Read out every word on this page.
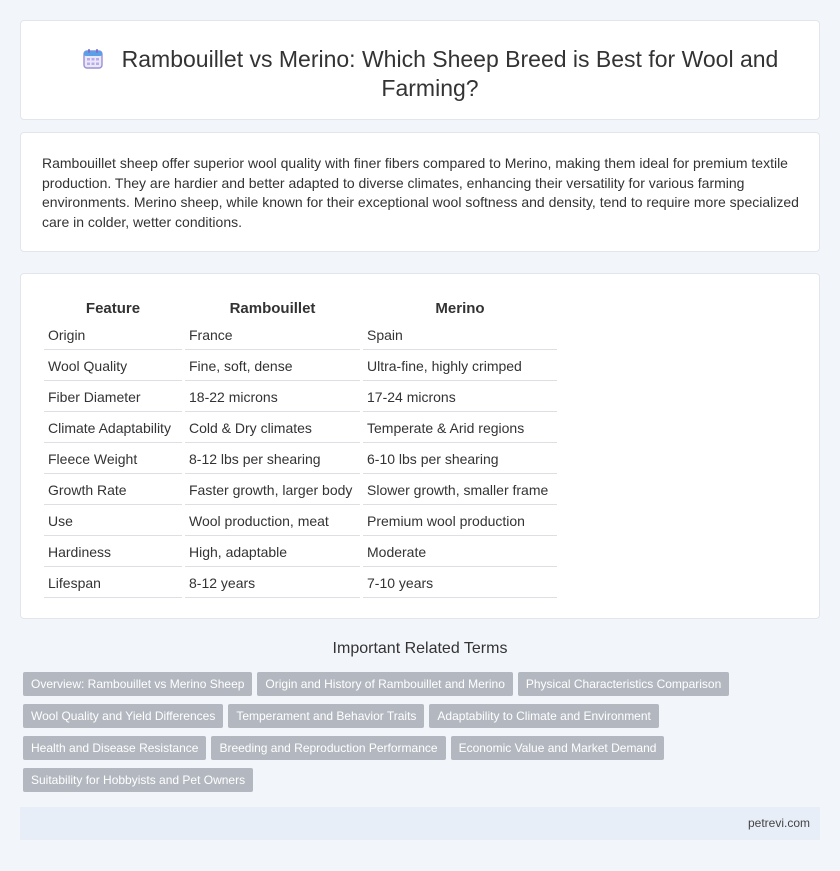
Rambouillet vs Merino: Which Sheep Breed is Best for Wool and Farming?

Rambouillet sheep offer superior wool quality with finer fibers compared to Merino, making them ideal for premium textile production. They are hardier and better adapted to diverse climates, enhancing their versatility for various farming environments. Merino sheep, while known for their exceptional wool softness and density, tend to require more specialized care in colder, wetter conditions.

Feature	Rambouillet	Merino
Origin	France	Spain
Wool Quality	Fine, soft, dense	Ultra-fine, highly crimped
Fiber Diameter	18-22 microns	17-24 microns
Climate Adaptability	Cold & Dry climates	Temperate & Arid regions
Fleece Weight	8-12 lbs per shearing	6-10 lbs per shearing
Growth Rate	Faster growth, larger body	Slower growth, smaller frame
Use	Wool production, meat	Premium wool production
Hardiness	High, adaptable	Moderate
Lifespan	8-12 years	7-10 years
Important Related Terms
Overview: Rambouillet vs Merino Sheep Origin and History of Rambouillet and Merino Physical Characteristics Comparison
Wool Quality and Yield Differences Temperament and Behavior Traits Adaptability to Climate and Environment
Health and Disease Resistance Breeding and Reproduction Performance Economic Value and Market Demand
Suitability for Hobbyists and Pet Owners
petrevi.com
